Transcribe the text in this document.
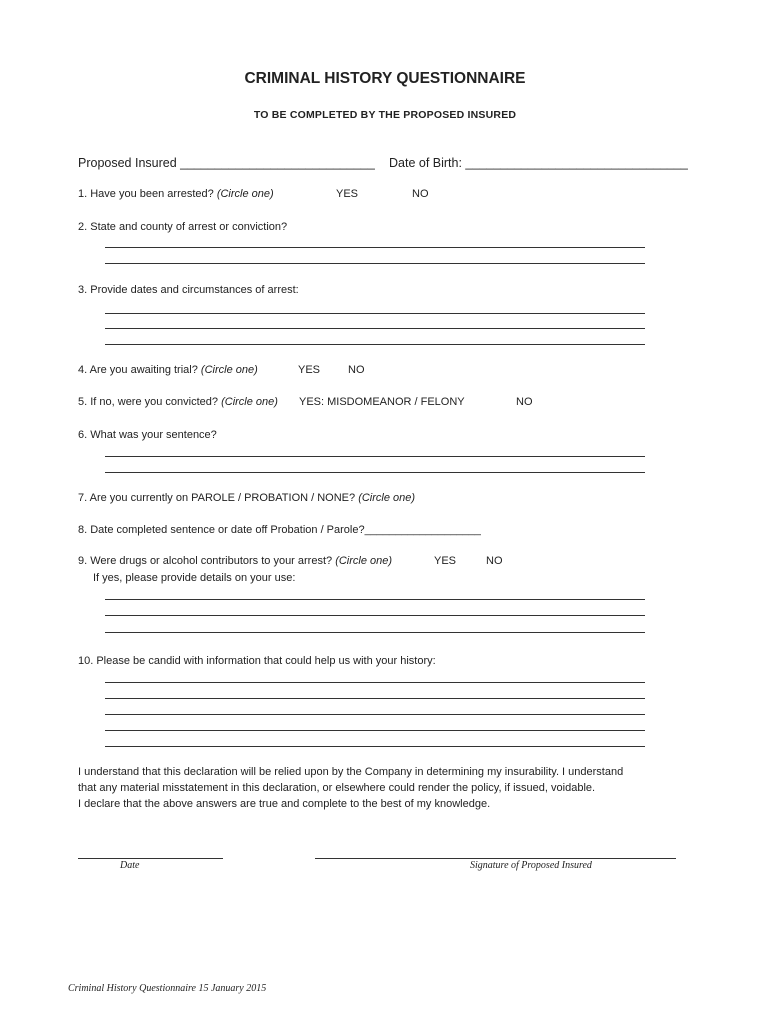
CRIMINAL HISTORY QUESTIONNAIRE
TO BE COMPLETED BY THE PROPOSED INSURED
Proposed Insured ____________________________ Date of Birth: ________________________________
1. Have you been arrested? (Circle one)	YES	NO
2. State and county of arrest or conviction?
3. Provide dates and circumstances of arrest:
4. Are you awaiting trial? (Circle one)	YES	NO
5. If no, were you convicted? (Circle one) YES: MISDOMEANOR / FELONY	NO
6. What was your sentence?
7. Are you currently on PAROLE / PROBATION / NONE? (Circle one)
8. Date completed sentence or date off Probation / Parole?___________________
9. Were drugs or alcohol contributors to your arrest? (Circle one)	YES	NO
If yes, please provide details on your use:
10. Please be candid with information that could help us with your history:
I understand that this declaration will be relied upon by the Company in determining my insurability. I understand
that any material misstatement in this declaration, or elsewhere could render the policy, if issued, voidable.
I declare that the above answers are true and complete to the best of my knowledge.
Date	Signature of Proposed Insured
Criminal History Questionnaire 15 January 2015
